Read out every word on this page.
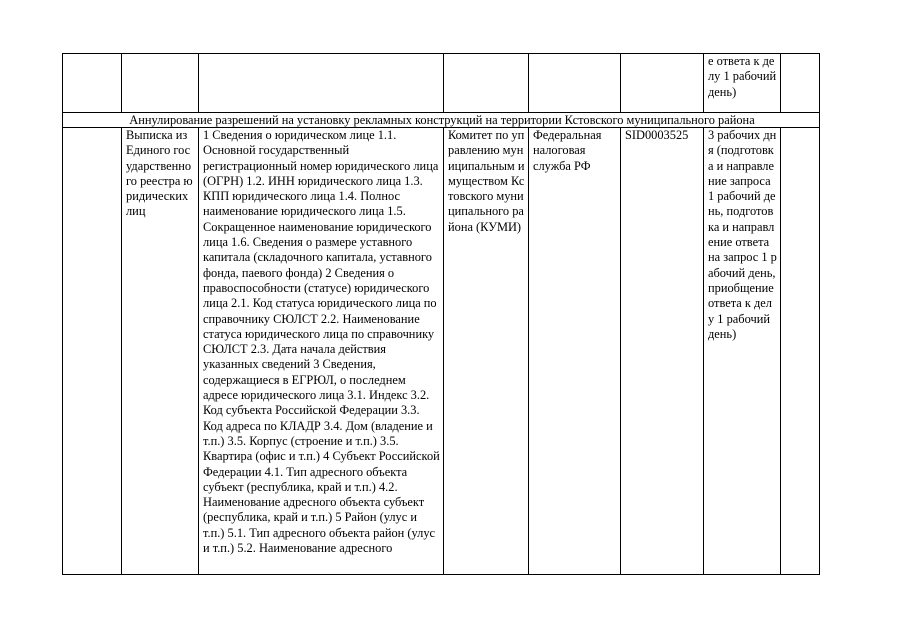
						е ответа к делу 1 рабочий день)	

Аннулирование разрешений на установку рекламных конструкций на территории Кстовского муниципального района							

	Выписка из Единого государственного реестра юридических лиц	1 Сведения о юридическом лице 1.1. Основной государственный регистрационный номер юридического лица (ОГРН) 1.2. ИНН юридического лица 1.3. КПП юридического лица 1.4. Полнос наименование юридического лица 1.5. Сокращенное наименование юридического лица 1.6. Сведения о размере уставного капитала (складочного капитала, уставного фонда, паевого фонда) 2 Сведения о правоспособности (статусе) юридического лица 2.1. Код статуса юридического лица по справочнику СЮЛСТ 2.2. Наименование статуса юридического лица по справочнику СЮЛСТ 2.3. Дата начала действия указанных сведений 3 Сведения, содержащиеся в ЕГРЮЛ, о последнем адресе юридического лица 3.1. Индекс 3.2. Код субъекта Российской Федерации 3.3. Код адреса по КЛАДР 3.4. Дом (владение и т.п.) 3.5. Корпус (строение и т.п.) 3.5. Квартира (офис и т.п.) 4 Субъект Российской Федерации 4.1. Тип адресного объекта субъект (республика, край и т.п.) 4.2. Наименование адресного объекта субъект (республика, край и т.п.) 5 Район (улус и т.п.) 5.1. Тип адресного объекта район (улус и т.п.) 5.2. Наименование адресного	Комитет по управлению муниципальным имуществом Кстовского муниципального района (КУМИ)	Федеральная налоговая служба РФ	SID0003525	3 рабочих дня (подготовка и направление запроса 1 рабочий день, подготовка и направление ответа на запрос 1 рабочий день, приобщение ответа к делу 1 рабочий день)	
